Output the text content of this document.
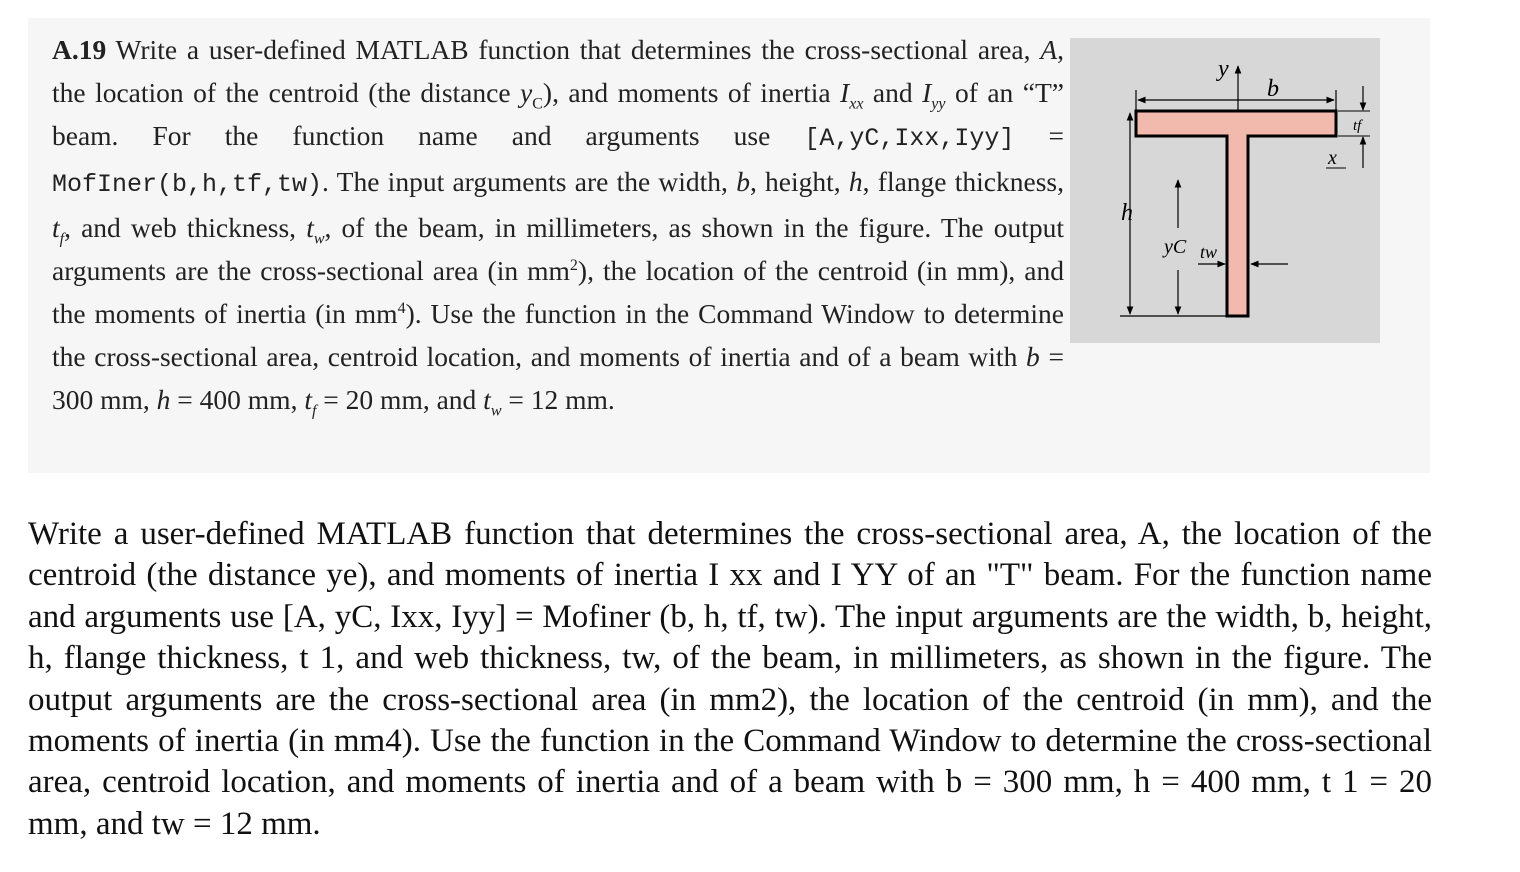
A.19 Write a user-defined MATLAB function that determines the cross-sectional area, A, the location of the centroid (the distance $y_C$), and moments of inertia $I_{xx}$ and $I_{yy}$ of an “T” beam. For the function name and arguments use [A,yC,Ixx,Iyy] = MofIner(b,h,tf,tw). The input arguments are the width, b, height, h, flange thickness, $t_f$, and web thickness, $t_w$, of the beam, in millimeters, as shown in the figure. The output arguments are the cross-sectional area (in $mm^2$), the location of the centroid (in mm), and the moments of inertia (in $mm^4$). Use the function in the Command Window to determine the cross-sectional area, centroid location, and moments of inertia and of a beam with b = 300 mm, h = 400 mm, $t_f = 20$ mm, and $t_w = 12$ mm.
y
b
tf
x
h
yC tw
Write a user-defined MATLAB function that determines the cross-sectional area, A, the location of the centroid (the distance ye), and moments of inertia I xx and I YY of an "T" beam. For the function name and arguments use [A, yC, Ixx, Iyy] = Mofiner (b, h, tf, tw). The input arguments are the width, b, height, h, flange thickness, t 1, and web thickness, tw, of the beam, in millimeters, as shown in the figure. The output arguments are the cross-sectional area (in mm2), the location of the centroid (in mm), and the moments of inertia (in mm4). Use the function in the Command Window to determine the cross-sectional area, centroid location, and moments of inertia and of a beam with b = 300 mm, h = 400 mm, t 1 = 20 mm, and tw = 12 mm.
